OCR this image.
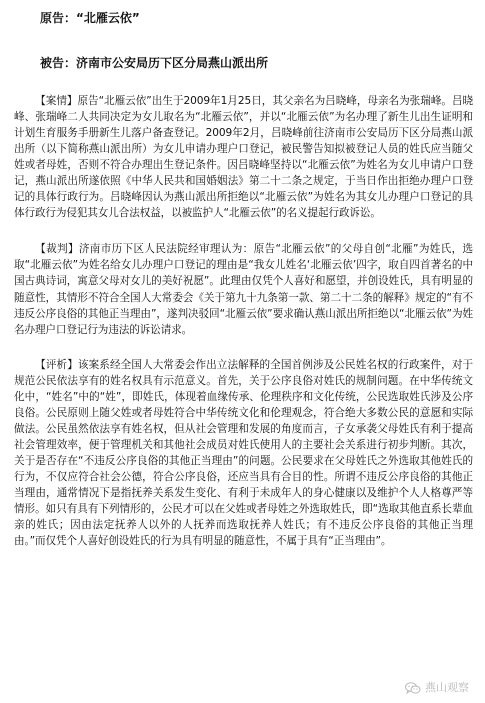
原告：“北雁云依”
被告：济南市公安局历下区分局燕山派出所
【案情】原告“北雁云依”出生于2009年1月25日，其父亲名为吕晓峰，母亲名为张瑞峰。吕晓峰、张瑞峰二人共同决定为女儿取名为“北雁云依”，并以“北雁云依”为名办理了新生儿出生证明和计划生育服务手册新生儿落户备查登记。2009年2月，吕晓峰前往济南市公安局历下区分局燕山派出所（以下简称燕山派出所）为女儿申请办理户口登记，被民警告知拟被登记人员的姓氏应当随父姓或者母姓，否则不符合办理出生登记条件。因吕晓峰坚持以“北雁云依”为姓名为女儿申请户口登记，燕山派出所遂依照《中华人民共和国婚姻法》第二十二条之规定，于当日作出拒绝办理户口登记的具体行政行为。吕晓峰因认为燕山派出所拒绝以“北雁云依”为姓名为其女儿办理户口登记的具体行政行为侵犯其女儿合法权益，以被监护人“北雁云依”的名义提起行政诉讼。
【裁判】济南市历下区人民法院经审理认为：原告“北雁云依”的父母自创“北雁”为姓氏，选取“北雁云依”为姓名给女儿办理户口登记的理由是“我女儿姓名‘北雁云依’四字，取自四首著名的中国古典诗词，寓意父母对女儿的美好祝愿”。此理由仅凭个人喜好和愿望，并创设姓氏，具有明显的随意性，其情形不符合全国人大常委会《关于第九十九条第一款、第二十二条的解释》规定的“有不违反公序良俗的其他正当理由”，遂判决驳回“北雁云依”要求确认燕山派出所拒绝以“北雁云依”为姓名办理户口登记行为违法的诉讼请求。
【评析】该案系经全国人大常委会作出立法解释的全国首例涉及公民姓名权的行政案件，对于规范公民依法享有的姓名权具有示范意义。首先，关于公序良俗对姓氏的规制问题。在中华传统文化中，“姓名”中的“姓”，即姓氏，体现着血缘传承、伦理秩序和文化传统，公民选取姓氏涉及公序良俗。公民原则上随父姓或者母姓符合中华传统文化和伦理观念，符合绝大多数公民的意愿和实际做法。公民虽然依法享有姓名权，但从社会管理和发展的角度而言，子女承袭父母姓氏有利于提高社会管理效率，便于管理机关和其他社会成员对姓氏使用人的主要社会关系进行初步判断。其次，关于是否存在“不违反公序良俗的其他正当理由”的问题。公民要求在父母姓氏之外选取其他姓氏的行为，不仅应符合社会公德，符合公序良俗，还应当具有合目的性。所谓不违反公序良俗的其他正当理由，通常情况下是指抚养关系发生变化、有利于未成年人的身心健康以及维护个人人格尊严等情形。如只有具有下列情形的，公民才可以在父姓或者母姓之外选取姓氏，即“选取其他直系长辈血亲的姓氏；因由法定抚养人以外的人抚养而选取抚养人姓氏；有不违反公序良俗的其他正当理由。”而仅凭个人喜好创设姓氏的行为具有明显的随意性，不属于具有“正当理由”。
燕山观察
